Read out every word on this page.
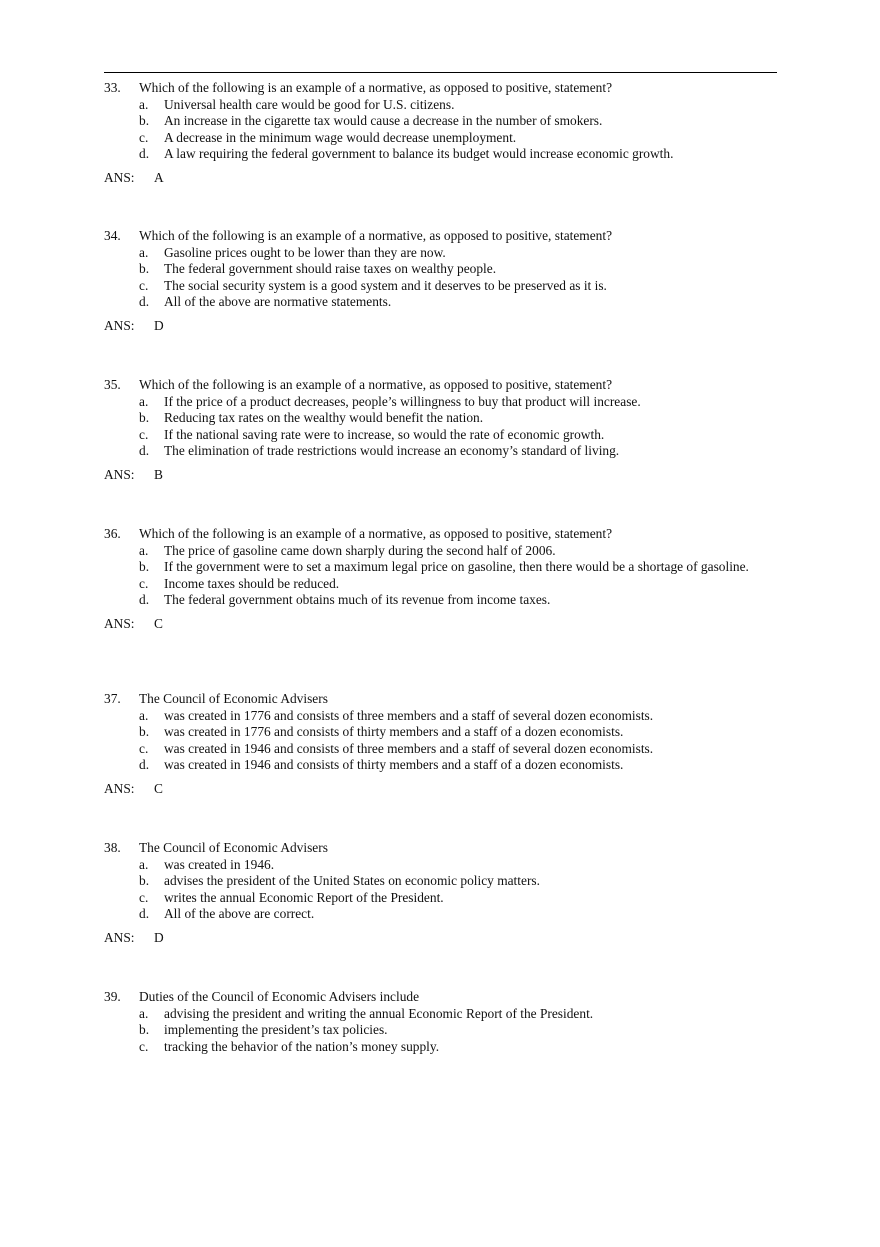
33.	Which of the following is an example of a normative, as opposed to positive, statement?
a.	Universal health care would be good for U.S. citizens.
b.	An increase in the cigarette tax would cause a decrease in the number of smokers.
c.	A decrease in the minimum wage would decrease unemployment.
d.	A law requiring the federal government to balance its budget would increase economic growth.
ANS:	A
34.	Which of the following is an example of a normative, as opposed to positive, statement?
a.	Gasoline prices ought to be lower than they are now.
b.	The federal government should raise taxes on wealthy people.
c.	The social security system is a good system and it deserves to be preserved as it is.
d.	All of the above are normative statements.
ANS:	D
35.	Which of the following is an example of a normative, as opposed to positive, statement?
a.	If the price of a product decreases, people’s willingness to buy that product will increase.
b.	Reducing tax rates on the wealthy would benefit the nation.
c.	If the national saving rate were to increase, so would the rate of economic growth.
d.	The elimination of trade restrictions would increase an economy’s standard of living.
ANS:	B
36.	Which of the following is an example of a normative, as opposed to positive, statement?
a.	The price of gasoline came down sharply during the second half of 2006.
b.	If the government were to set a maximum legal price on gasoline, then there would be a shortage of gasoline.
c.	Income taxes should be reduced.
d.	The federal government obtains much of its revenue from income taxes.
ANS:	C
37.	The Council of Economic Advisers
a.	was created in 1776 and consists of three members and a staff of several dozen economists.
b.	was created in 1776 and consists of thirty members and a staff of a dozen economists.
c.	was created in 1946 and consists of three members and a staff of several dozen economists.
d.	was created in 1946 and consists of thirty members and a staff of a dozen economists.
ANS:	C
38.	The Council of Economic Advisers
a.	was created in 1946.
b.	advises the president of the United States on economic policy matters.
c.	writes the annual Economic Report of the President.
d.	All of the above are correct.
ANS:	D
39.	Duties of the Council of Economic Advisers include
a.	advising the president and writing the annual Economic Report of the President.
b.	implementing the president’s tax policies.
c.	tracking the behavior of the nation’s money supply.
